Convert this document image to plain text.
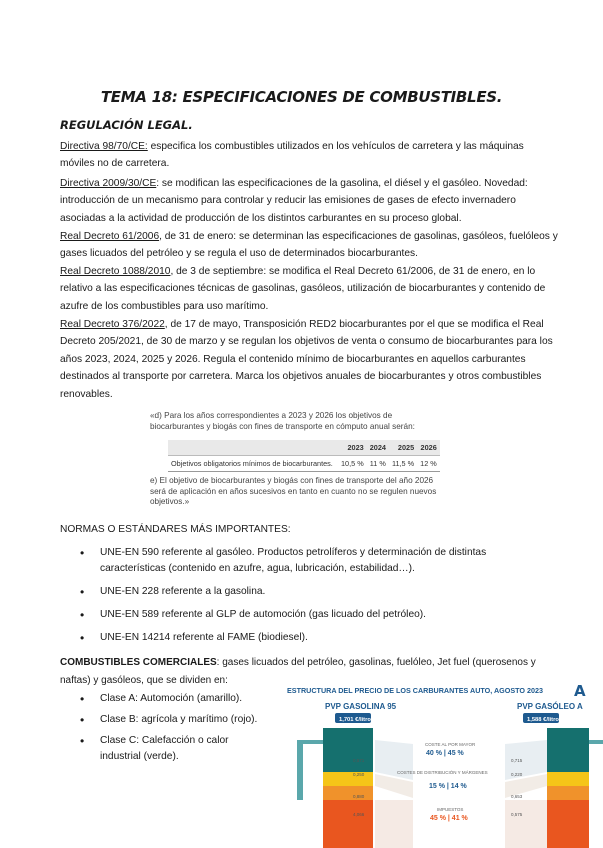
TEMA 18: ESPECIFICACIONES DE COMBUSTIBLES.
REGULACIÓN LEGAL.
Directiva 98/70/CE: especifica los combustibles utilizados en los vehículos de carretera y las máquinas móviles no de carretera.
Directiva 2009/30/CE: se modifican las especificaciones de la gasolina, el diésel y el gasóleo. Novedad: introducción de un mecanismo para controlar y reducir las emisiones de gases de efecto invernadero asociadas a la actividad de producción de los distintos carburantes en su proceso global.
Real Decreto 61/2006, de 31 de enero: se determinan las especificaciones de gasolinas, gasóleos, fuelóleos y gases licuados del petróleo y se regula el uso de determinados biocarburantes.
Real Decreto 1088/2010, de 3 de septiembre: se modifica el Real Decreto 61/2006, de 31 de enero, en lo relativo a las especificaciones técnicas de gasolinas, gasóleos, utilización de biocarburantes y contenido de azufre de los combustibles para uso marítimo.
Real Decreto 376/2022, de 17 de mayo, Transposición RED2 biocarburantes por el que se modifica el Real Decreto 205/2021, de 30 de marzo y se regulan los objetivos de venta o consumo de biocarburantes para los años 2023, 2024, 2025 y 2026. Regula el contenido mínimo de biocarburantes en aquellos carburantes destinados al transporte por carretera. Marca los objetivos anuales de biocarburantes y otros combustibles renovables.
«d) Para los años correspondientes a 2023 y 2026 los objetivos de biocarburantes y biogás con fines de transporte en cómputo anual serán:
	2023	2024	2025	2026
Objetivos obligatorios mínimos de biocarburantes.	10,5 %	11 %	11,5 %	12 %
e) El objetivo de biocarburantes y biogás con fines de transporte del año 2026 será de aplicación en años sucesivos en tanto en cuanto no se regulen nuevos objetivos.»
NORMAS O ESTÁNDARES MÁS IMPORTANTES:
• UNE-EN 590 referente al gasóleo. Productos petrolíferos y determinación de distintas características (contenido en azufre, agua, lubricación, estabilidad…).
• UNE-EN 228 referente a la gasolina.
• UNE-EN 589 referente al GLP de automoción (gas licuado del petróleo).
• UNE-EN 14214 referente al FAME (biodiesel).
COMBUSTIBLES COMERCIALES: gases licuados del petróleo, gasolinas, fuelóleo, Jet fuel (querosenos y naftas) y gasóleos, que se dividen en:
• Clase A: Automoción (amarillo).
• Clase B: agrícola y marítimo (rojo).
• Clase C: Calefacción o calor industrial (verde).
ESTRUCTURA DEL PRECIO DE LOS CARBURANTES AUTO, AGOSTO 2023 A
PVP GASOLINA 95
1,701 €/litro
0,571
0,250
0,880
4,066
COSTE AL POR MAYOR
40 % | 45 %
COSTES DE DISTRIBUCIÓN Y MÁRGENES
15 % | 14 %
IMPUESTOS
45 % | 41 %
PVP GASÓLEO A
1,588 €/litro
0,715
0,220
0,653
0,575
